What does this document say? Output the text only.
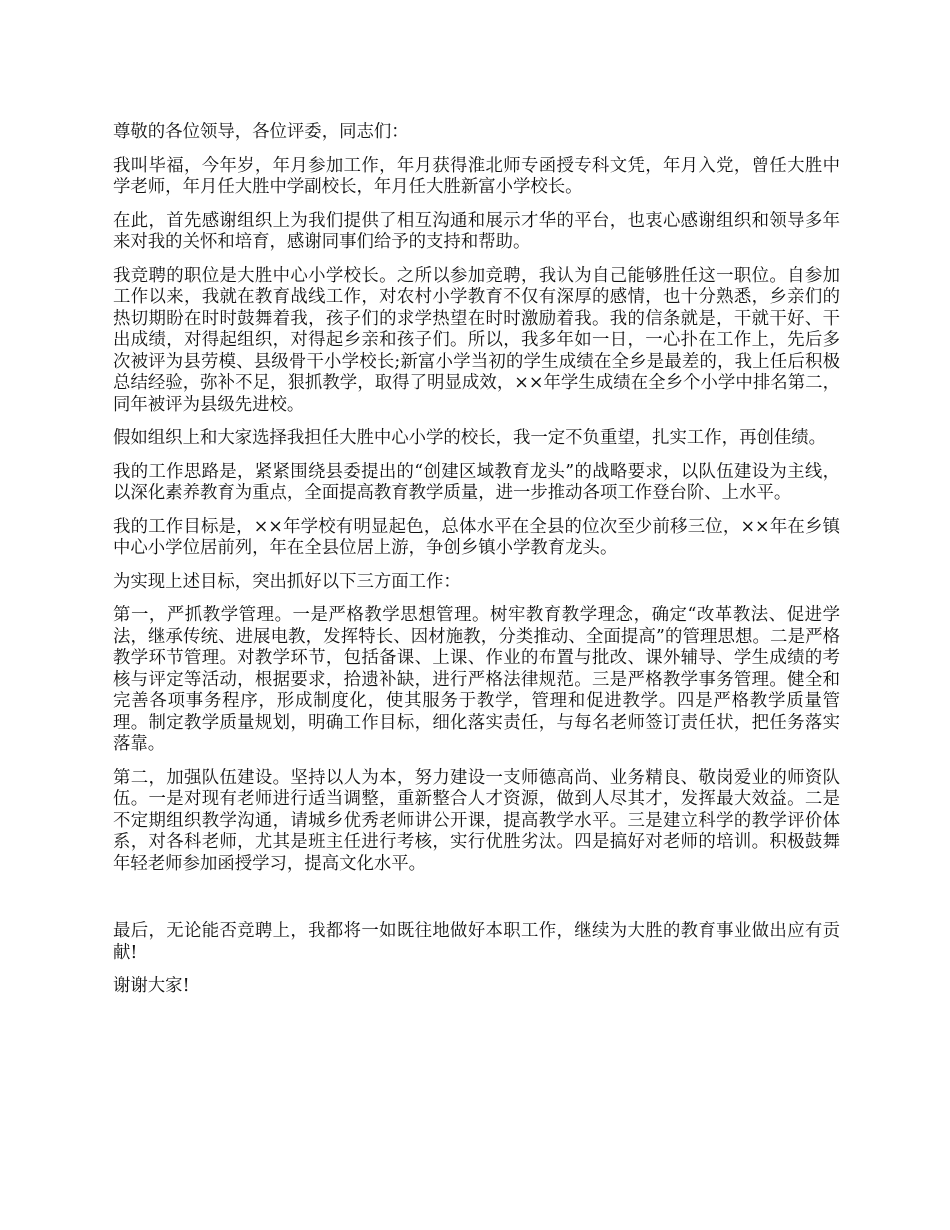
尊敬的各位领导，各位评委，同志们：

我叫毕福，今年岁，年月参加工作，年月获得淮北师专函授专科文凭，年月入党，曾任大胜中学老师，年月任大胜中学副校长，年月任大胜新富小学校长。

在此，首先感谢组织上为我们提供了相互沟通和展示才华的平台，也衷心感谢组织和领导多年来对我的关怀和培育，感谢同事们给予的支持和帮助。

我竞聘的职位是大胜中心小学校长。之所以参加竞聘，我认为自己能够胜任这一职位。自参加工作以来，我就在教育战线工作，对农村小学教育不仅有深厚的感情，也十分熟悉，乡亲们的热切期盼在时时鼓舞着我，孩子们的求学热望在时时激励着我。我的信条就是，干就干好、干出成绩，对得起组织，对得起乡亲和孩子们。所以，我多年如一日，一心扑在工作上，先后多次被评为县劳模、县级骨干小学校长;新富小学当初的学生成绩在全乡是最差的，我上任后积极总结经验，弥补不足，狠抓教学，取得了明显成效，××年学生成绩在全乡个小学中排名第二，同年被评为县级先进校。

假如组织上和大家选择我担任大胜中心小学的校长，我一定不负重望，扎实工作，再创佳绩。

我的工作思路是，紧紧围绕县委提出的“创建区域教育龙头”的战略要求，以队伍建设为主线，以深化素养教育为重点，全面提高教育教学质量，进一步推动各项工作登台阶、上水平。

我的工作目标是，××年学校有明显起色，总体水平在全县的位次至少前移三位，××年在乡镇中心小学位居前列，年在全县位居上游，争创乡镇小学教育龙头。

为实现上述目标，突出抓好以下三方面工作：

第一，严抓教学管理。一是严格教学思想管理。树牢教育教学理念，确定“改革教法、促进学法，继承传统、进展电教，发挥特长、因材施教，分类推动、全面提高”的管理思想。二是严格教学环节管理。对教学环节，包括备课、上课、作业的布置与批改、课外辅导、学生成绩的考核与评定等活动，根据要求，拾遗补缺，进行严格法律规范。三是严格教学事务管理。健全和完善各项事务程序，形成制度化，使其服务于教学，管理和促进教学。四是严格教学质量管理。制定教学质量规划，明确工作目标，细化落实责任，与每名老师签订责任状，把任务落实落靠。

第二，加强队伍建设。坚持以人为本，努力建设一支师德高尚、业务精良、敬岗爱业的师资队伍。一是对现有老师进行适当调整，重新整合人才资源，做到人尽其才，发挥最大效益。二是不定期组织教学沟通，请城乡优秀老师讲公开课，提高教学水平。三是建立科学的教学评价体系，对各科老师，尤其是班主任进行考核，实行优胜劣汰。四是搞好对老师的培训。积极鼓舞年轻老师参加函授学习，提高文化水平。

最后，无论能否竞聘上，我都将一如既往地做好本职工作，继续为大胜的教育事业做出应有贡献!

谢谢大家!
